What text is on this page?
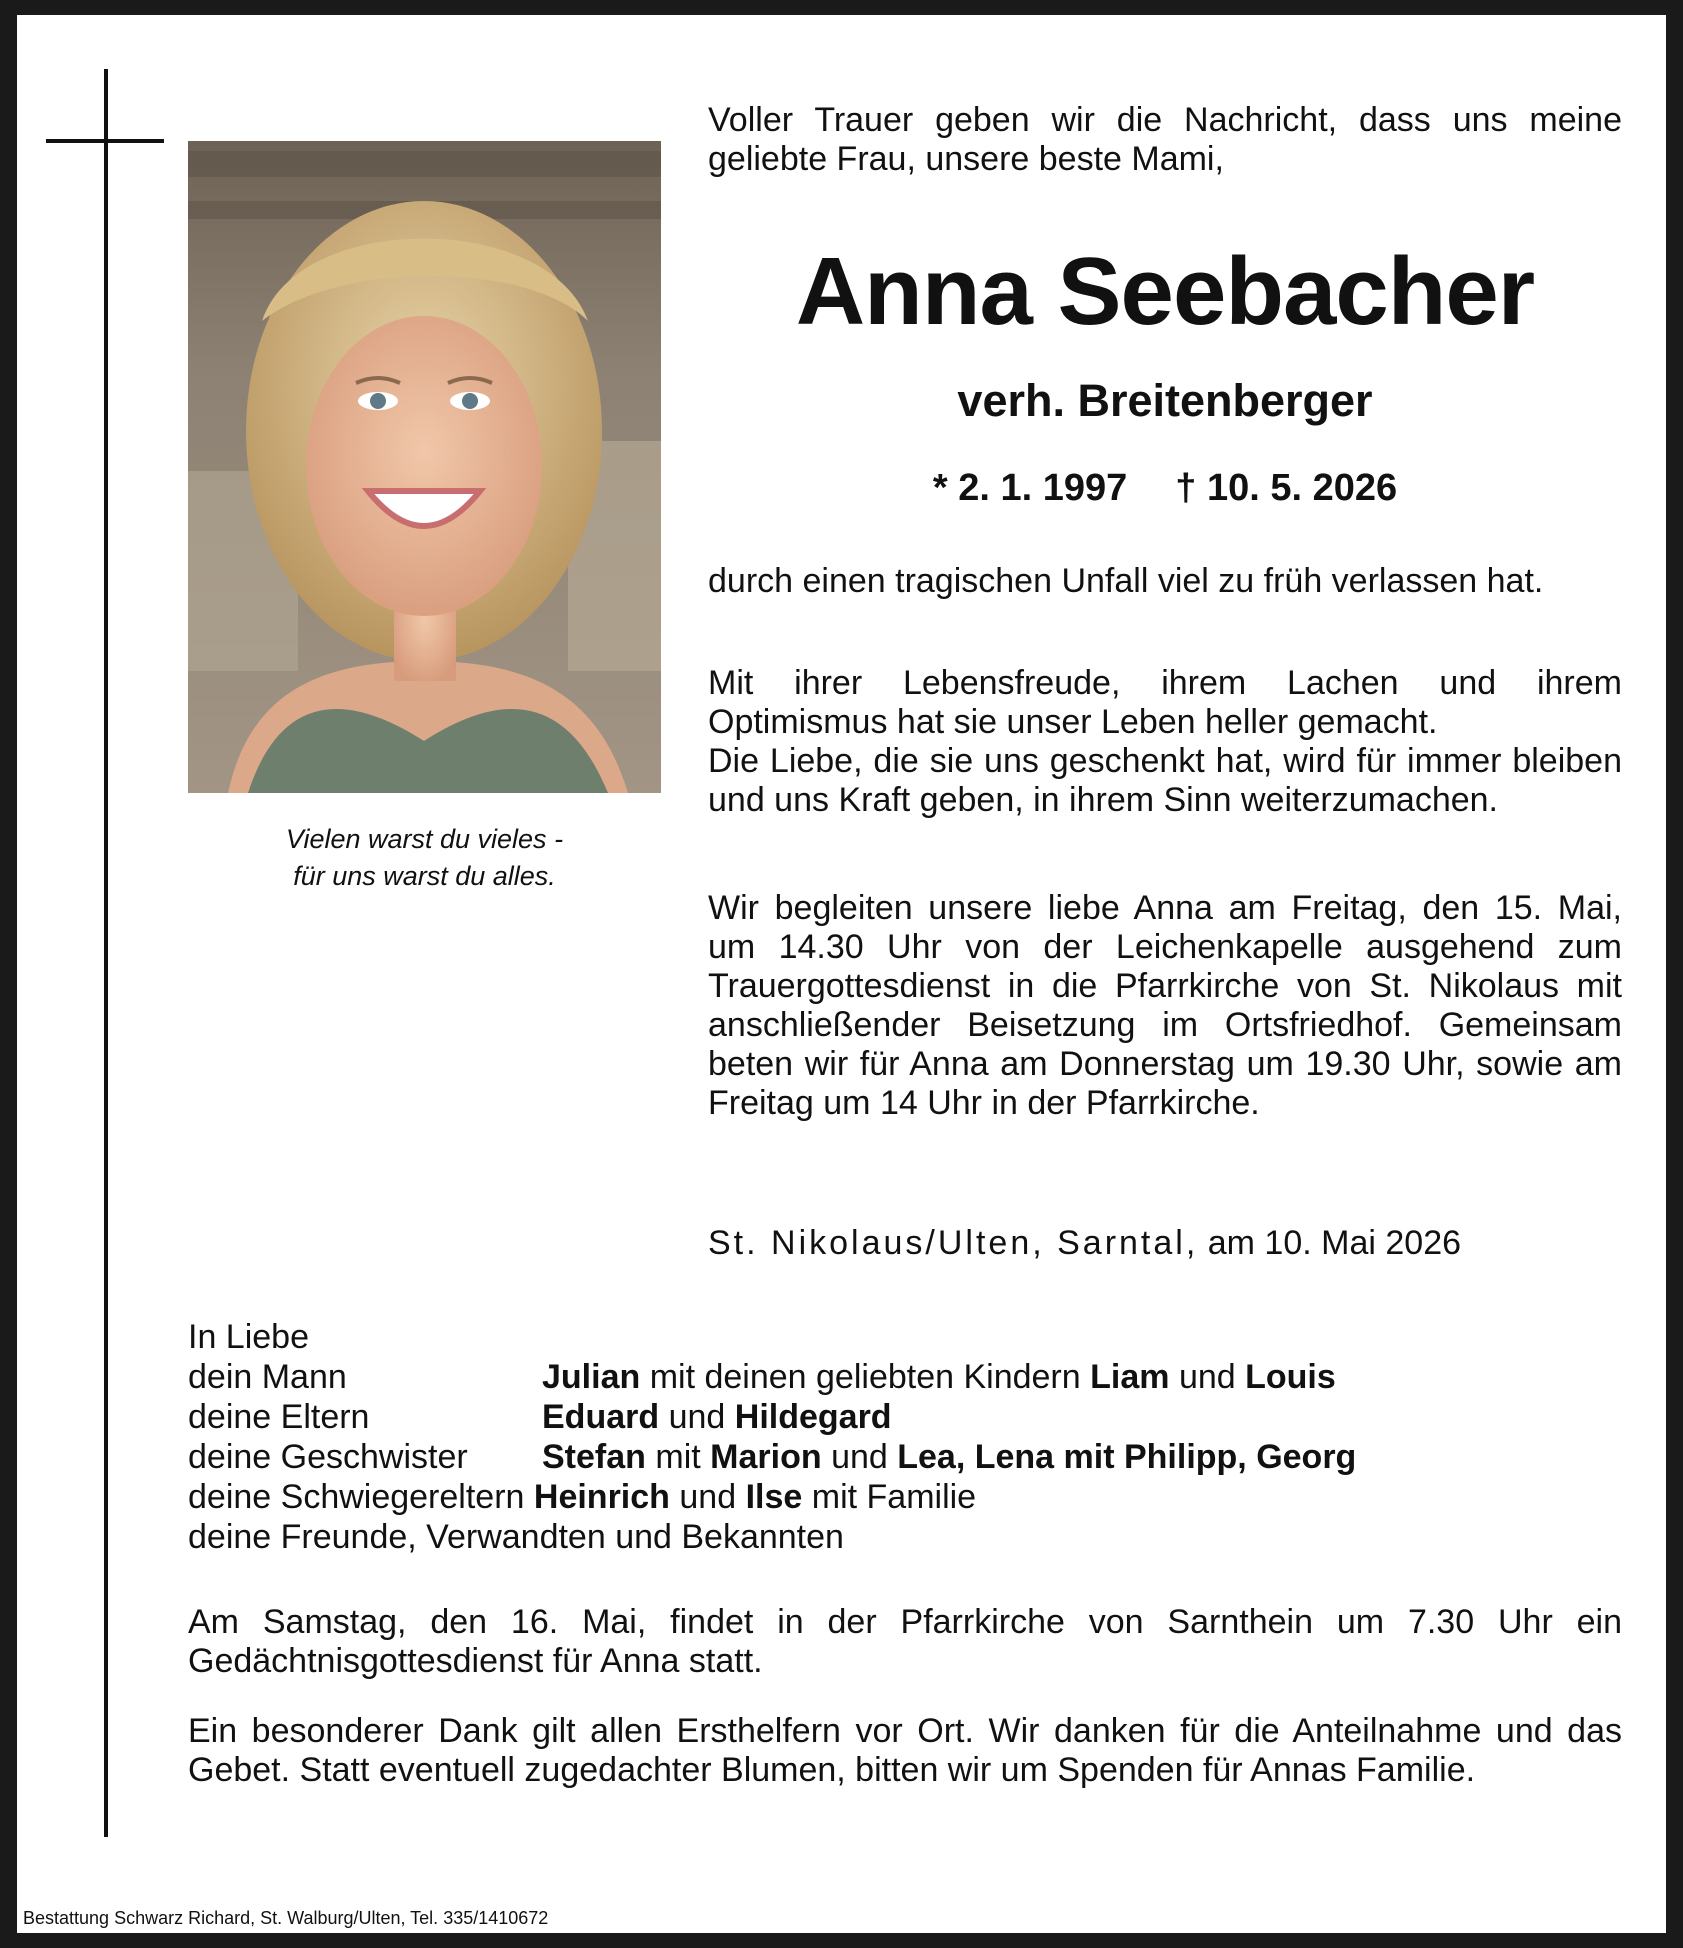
Vielen warst du vieles -
für uns warst du alles.
Voller Trauer geben wir die Nachricht, dass uns meine geliebte Frau, unsere beste Mami,
Anna Seebacher
verh. Breitenberger
* 2. 1. 1997 † 10. 5. 2026
durch einen tragischen Unfall viel zu früh verlassen hat.
Mit ihrer Lebensfreude, ihrem Lachen und ihrem Optimismus hat sie unser Leben heller gemacht.
Die Liebe, die sie uns geschenkt hat, wird für immer bleiben und uns Kraft geben, in ihrem Sinn weiterzumachen.
Wir begleiten unsere liebe Anna am Freitag, den 15. Mai, um 14.30 Uhr von der Leichenkapelle ausgehend zum Trauergottesdienst in die Pfarrkirche von St. Nikolaus mit anschließender Beisetzung im Ortsfriedhof. Gemeinsam beten wir für Anna am Donnerstag um 19.30 Uhr, sowie am Freitag um 14 Uhr in der Pfarrkirche.
St. Nikolaus/Ulten, Sarntal, am 10. Mai 2026
In Liebe
dein Mann	Julian mit deinen geliebten Kindern Liam und Louis
deine Eltern	Eduard und Hildegard
deine Geschwister Stefan mit Marion und Lea, Lena mit Philipp, Georg
deine Schwiegereltern Heinrich und Ilse mit Familie
deine Freunde, Verwandten und Bekannten
Am Samstag, den 16. Mai, findet in der Pfarrkirche von Sarnthein um 7.30 Uhr ein Gedächtnisgottesdienst für Anna statt.
Ein besonderer Dank gilt allen Ersthelfern vor Ort. Wir danken für die Anteilnahme und das Gebet. Statt eventuell zugedachter Blumen, bitten wir um Spenden für Annas Familie.
Bestattung Schwarz Richard, St. Walburg/Ulten, Tel. 335/1410672
